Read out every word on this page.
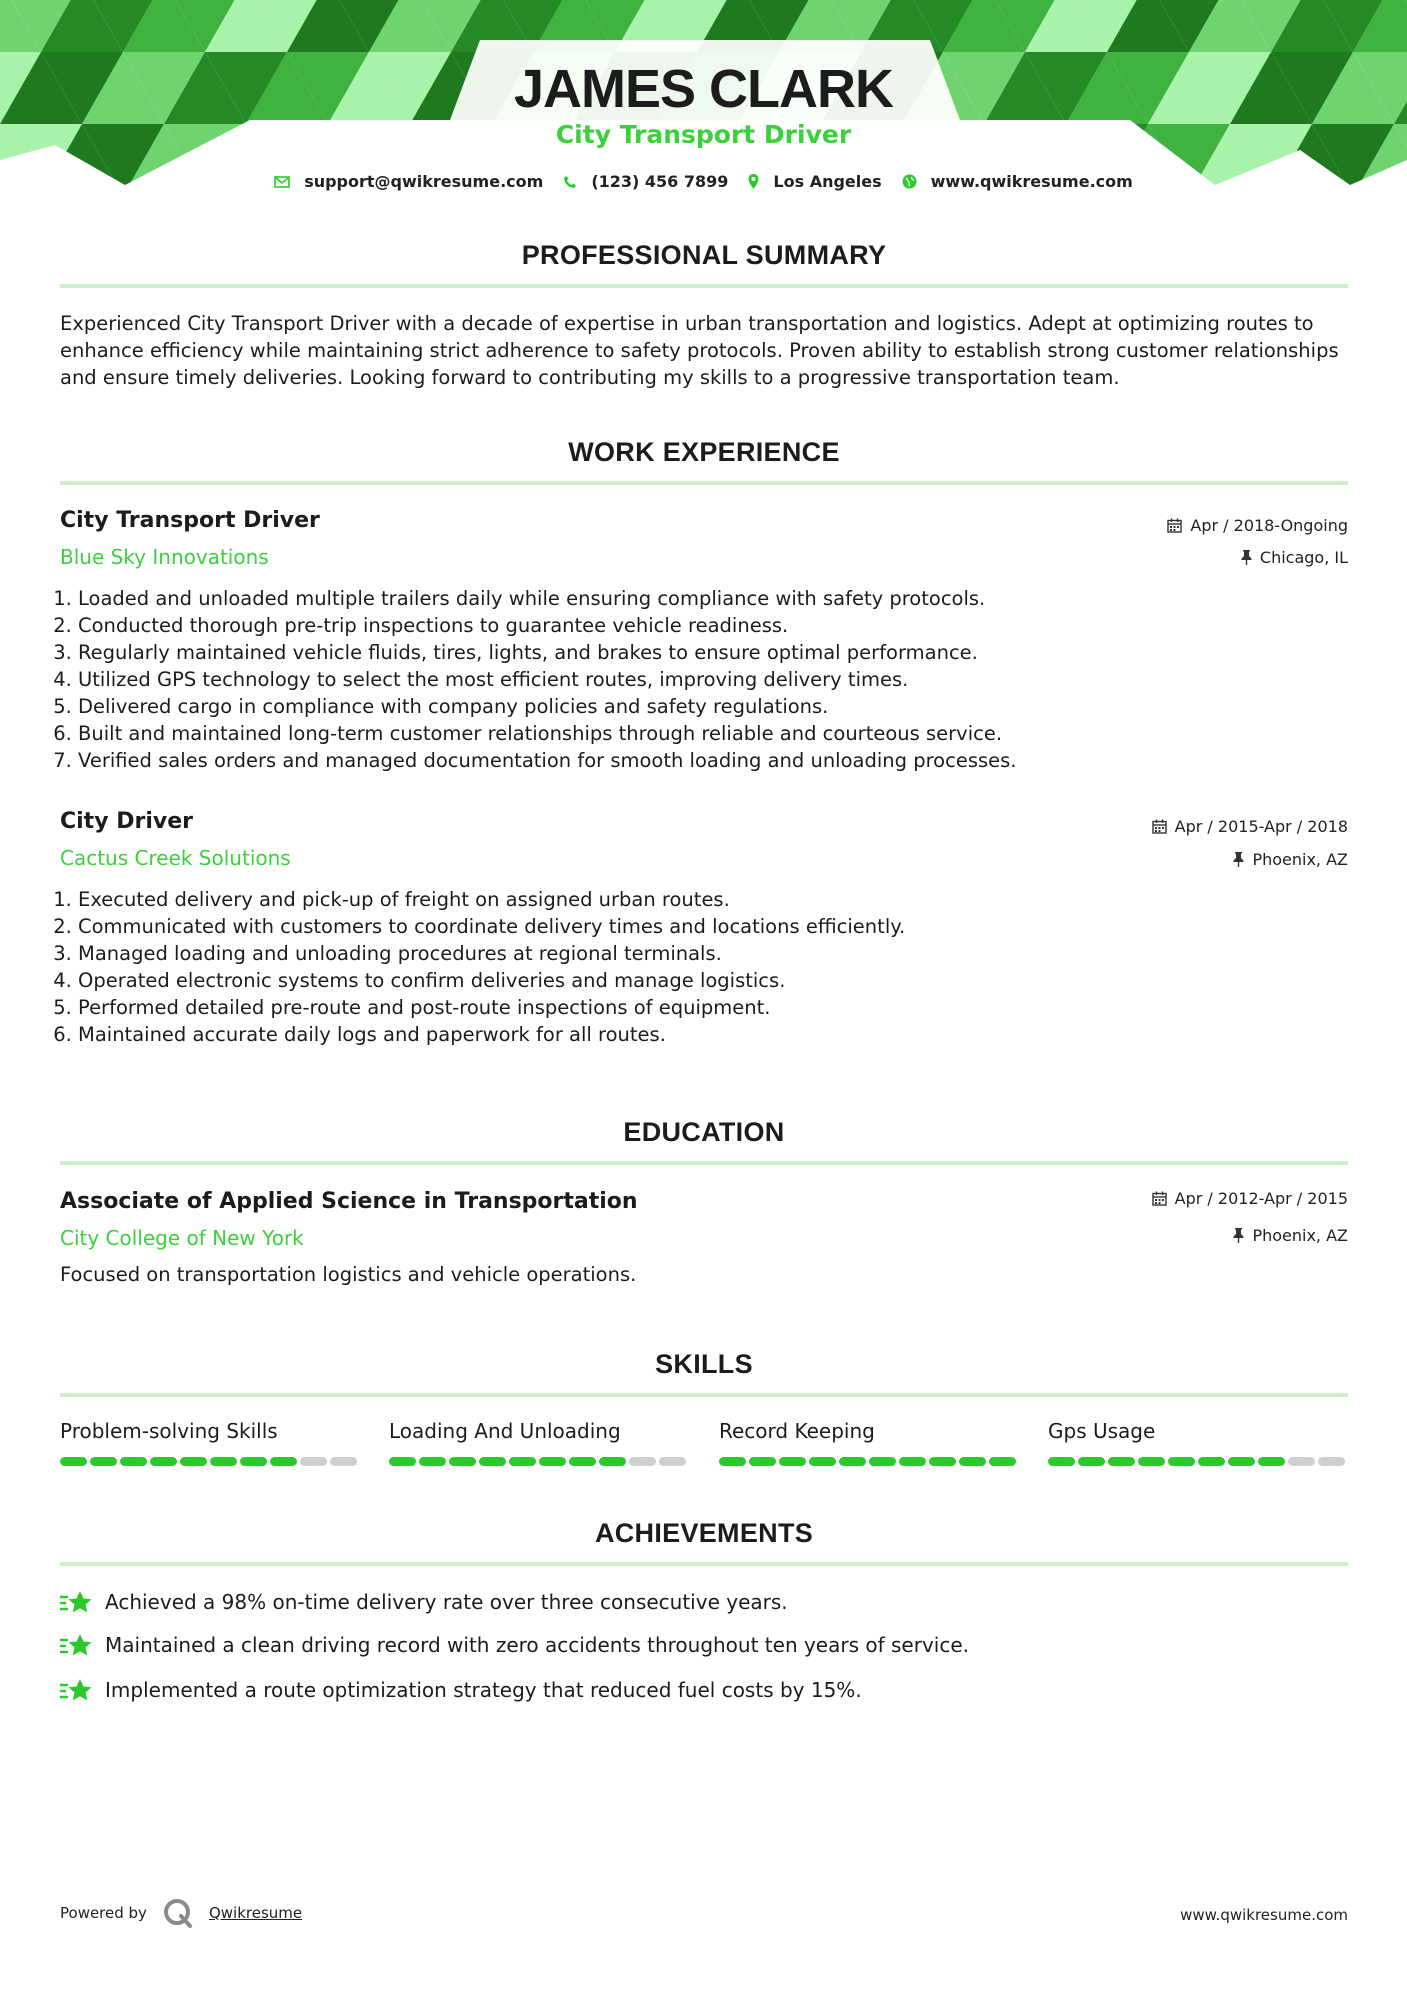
JAMES CLARK
City Transport Driver
support@qwikresume.com	(123) 456 7899	Los Angeles	www.qwikresume.com
PROFESSIONAL SUMMARY
Experienced City Transport Driver with a decade of expertise in urban transportation and logistics. Adept at optimizing routes to enhance efficiency while maintaining strict adherence to safety protocols. Proven ability to establish strong customer relationships and ensure timely deliveries. Looking forward to contributing my skills to a progressive transportation team.
WORK EXPERIENCE
City Transport Driver
Blue Sky Innovations
Apr / 2018-Ongoing
Chicago, IL
1. Loaded and unloaded multiple trailers daily while ensuring compliance with safety protocols.
2. Conducted thorough pre-trip inspections to guarantee vehicle readiness.
3. Regularly maintained vehicle fluids, tires, lights, and brakes to ensure optimal performance.
4. Utilized GPS technology to select the most efficient routes, improving delivery times.
5. Delivered cargo in compliance with company policies and safety regulations.
6. Built and maintained long-term customer relationships through reliable and courteous service.
7. Verified sales orders and managed documentation for smooth loading and unloading processes.
City Driver
Cactus Creek Solutions
Apr / 2015-Apr / 2018
Phoenix, AZ
1. Executed delivery and pick-up of freight on assigned urban routes.
2. Communicated with customers to coordinate delivery times and locations efficiently.
3. Managed loading and unloading procedures at regional terminals.
4. Operated electronic systems to confirm deliveries and manage logistics.
5. Performed detailed pre-route and post-route inspections of equipment.
6. Maintained accurate daily logs and paperwork for all routes.
EDUCATION
Associate of Applied Science in Transportation
City College of New York
Apr / 2012-Apr / 2015
Phoenix, AZ
Focused on transportation logistics and vehicle operations.
SKILLS
Problem-solving Skills	Loading And Unloading	Record Keeping	Gps Usage
ACHIEVEMENTS
Achieved a 98% on-time delivery rate over three consecutive years.
Maintained a clean driving record with zero accidents throughout ten years of service.
Implemented a route optimization strategy that reduced fuel costs by 15%.
Powered by	Qwikresume	www.qwikresume.com
